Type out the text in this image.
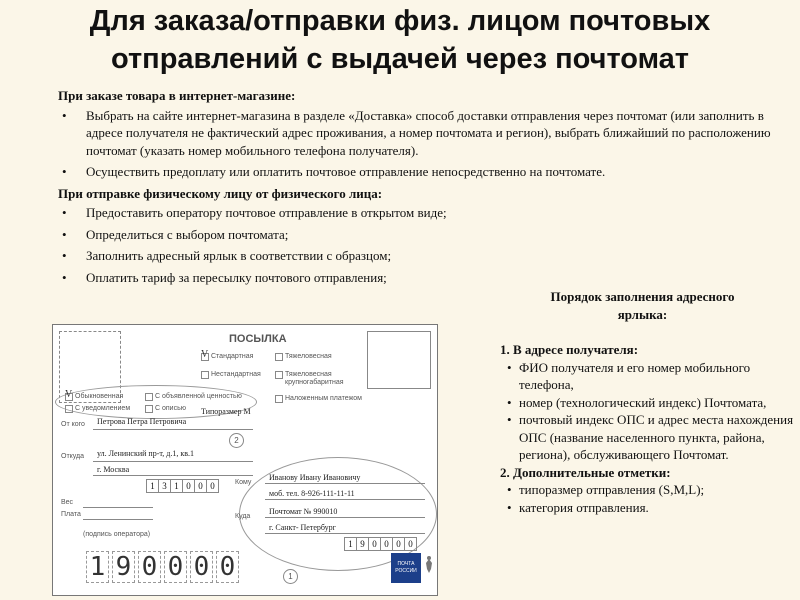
Для заказа/отправки физ. лицом почтовых
отправлений с выдачей через почтомат
При заказе товара в интернет-магазине:
• Выбрать на сайте интернет-магазина в разделе «Доставка» способ доставки отправления через почтомат (или заполнить в адресе получателя не фактический адрес проживания, а номер почтомата и регион), выбрать ближайший по расположению почтомат (указать номер мобильного телефона получателя).
• Осуществить предоплату или оплатить почтовое отправление непосредственно на почтомате.
При отправке физическому лицу от физического лица:
• Предоставить оператору почтовое отправление в открытом виде;
• Определиться с выбором почтомата;
• Заполнить адресный ярлык в соответствии с образцом;
• Оплатить тариф за пересылку почтового отправления;
Порядок заполнения адресного
ярлыка:
1. В адресе получателя:
• ФИО получателя и его номер мобильного телефона,
• номер (технологический индекс) Почтомата,
• почтовый индекс ОПС и адрес места нахождения ОПС (название населенного пункта, района, региона), обслуживающего Почтомат.
2. Дополнительные отметки:
• типоразмер отправления (S,M,L);
• категория отправления.
ПОСЫЛКА
Стандартная	Тяжеловесная
Нестандартная	Тяжеловесная крупногабаритная
Наложенным платежом
V
Обыкновенная	С объявленной ценностью
С уведомлением	С описью
V
Типоразмер М
От кого Петрова Петра Петровича
2
Откуда ул. Ленинский пр-т, д.1, кв.1
г. Москва
1 3 1 0 0 0	Кому
Иванову Ивану Ивановичу
моб. тел. 8-926-111-11-11
Куда
Почтомат № 990010
г. Санкт- Петербург
1 9 0 0 0 0
1
Вес
Плата
(подпись оператора)
1 9 0 0 0 0	ПОЧТА РОССИИ
